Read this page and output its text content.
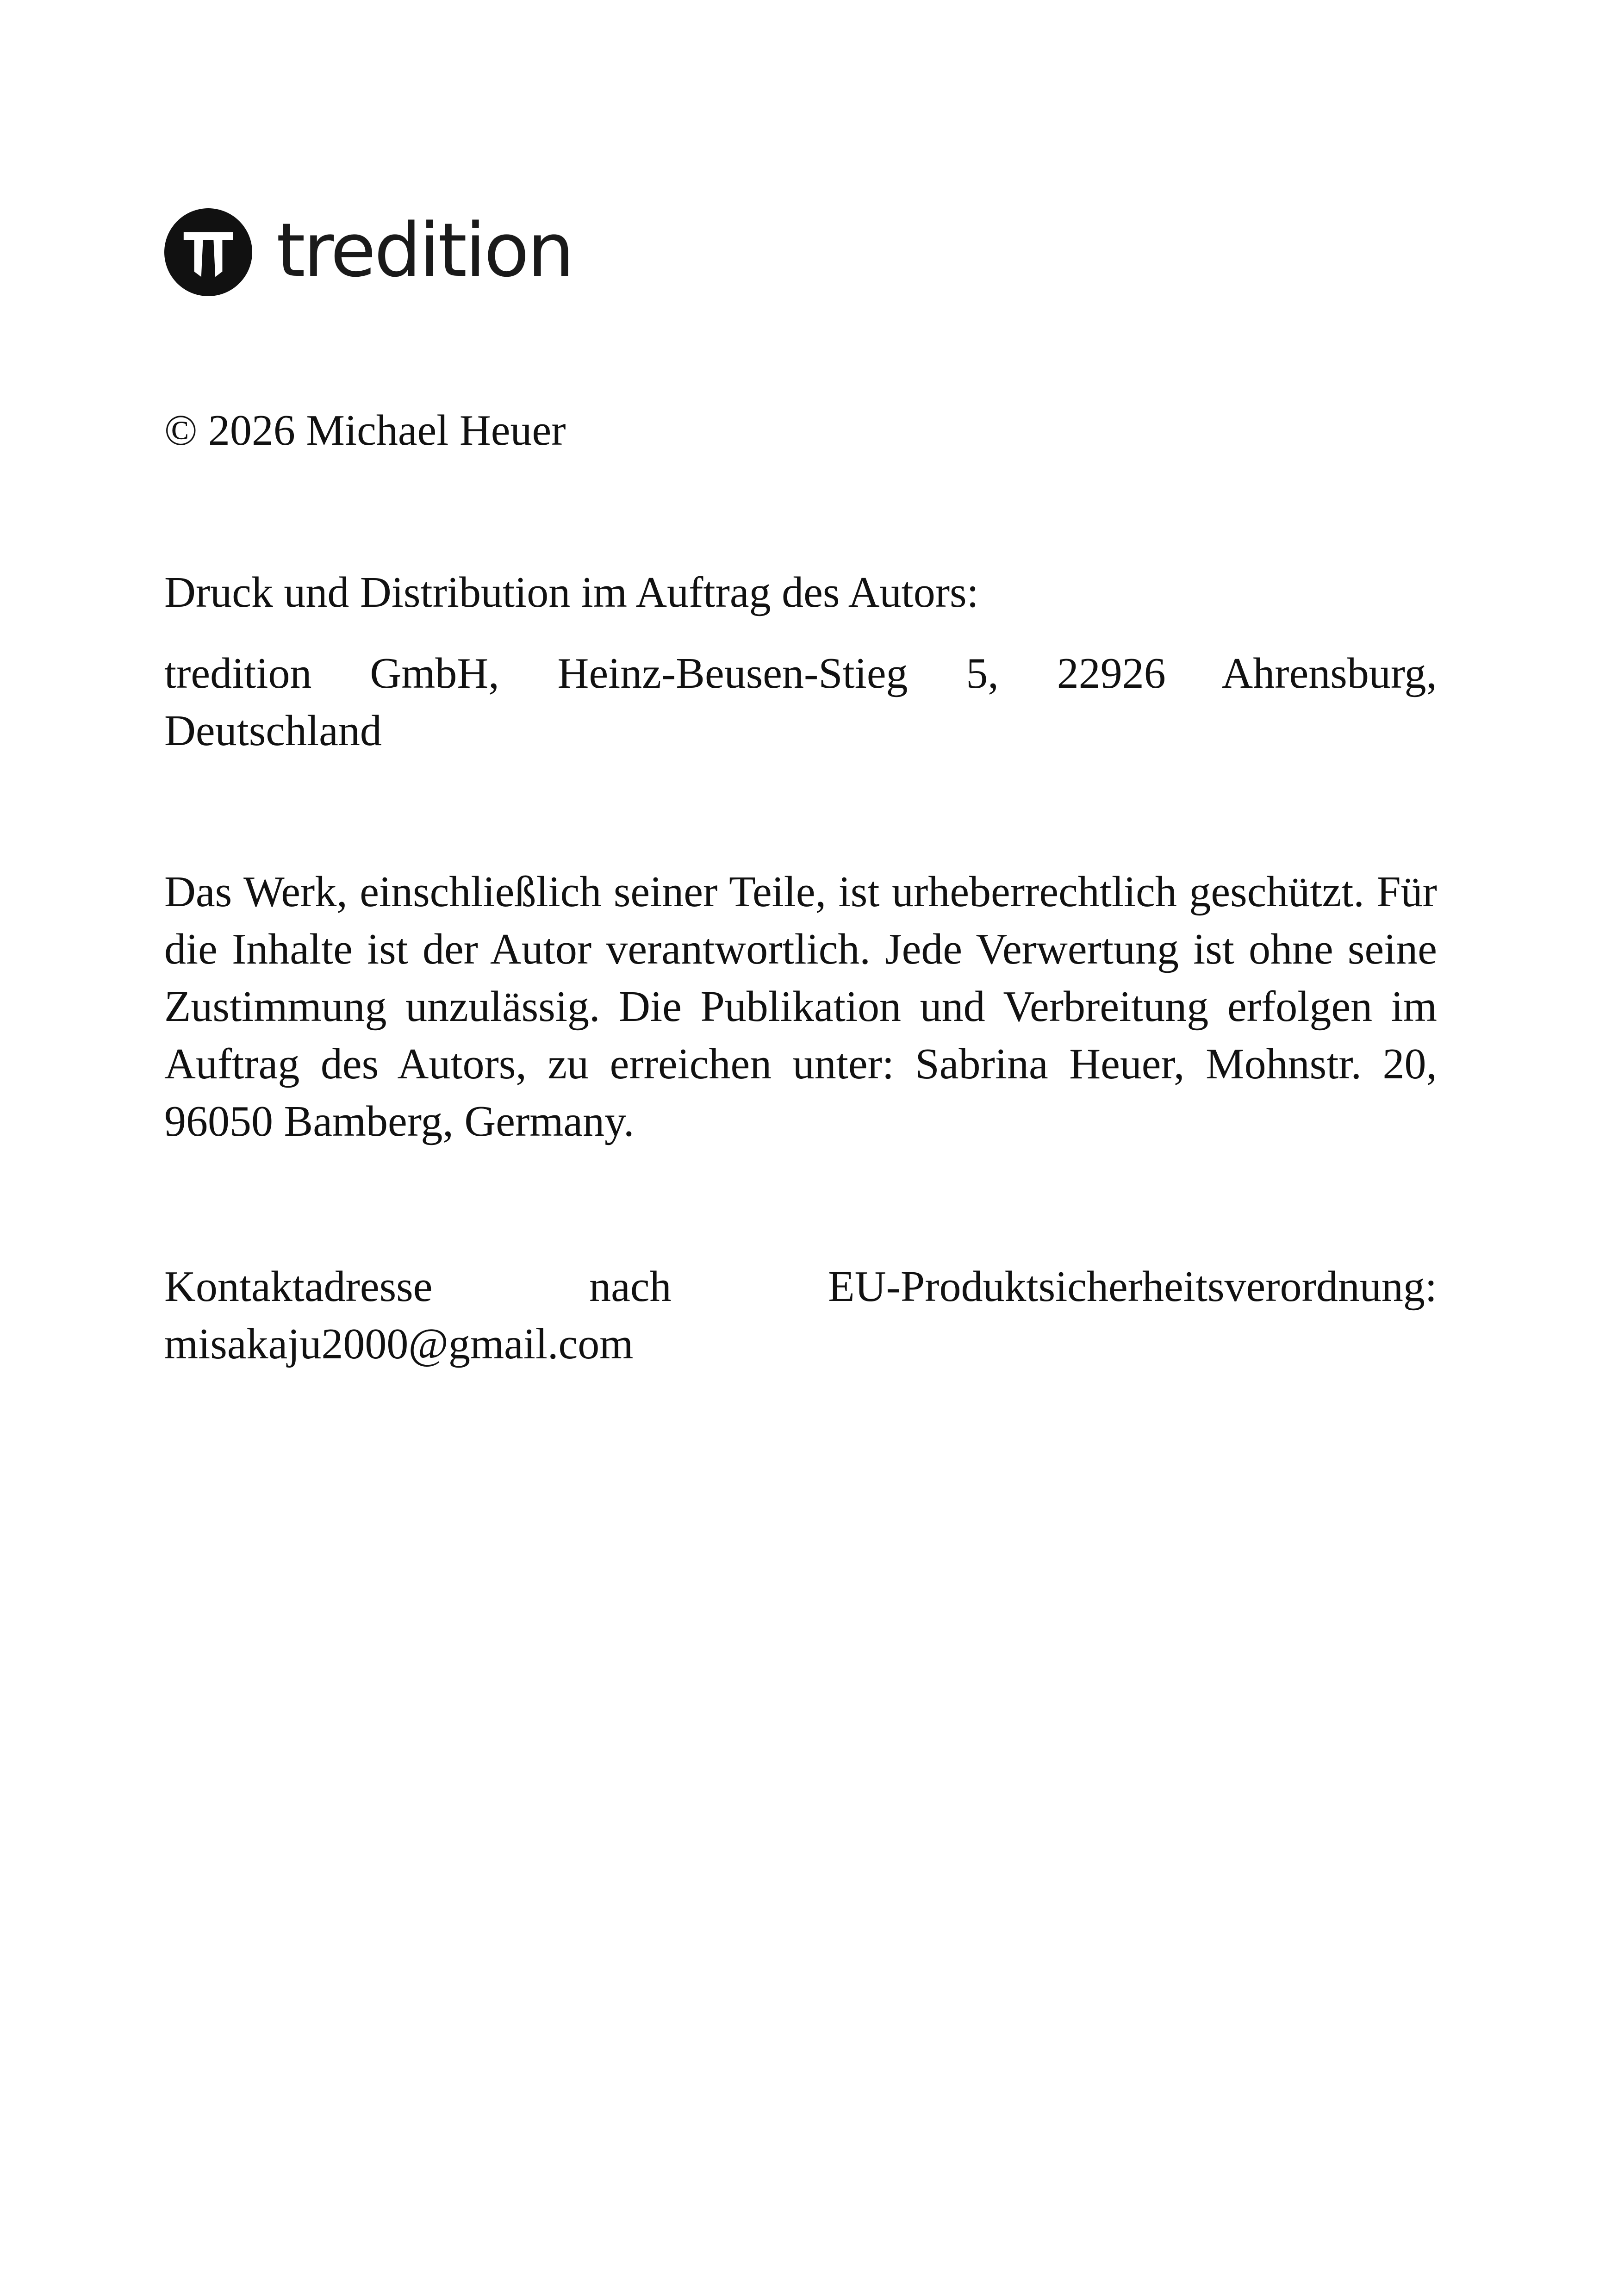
tredition

© 2026 Michael Heuer

Druck und Distribution im Auftrag des Autors:

tredition GmbH, Heinz-Beusen-Stieg 5, 22926 Ahrensburg,
Deutschland

Das Werk, einschließlich seiner Teile, ist urheberrechtlich geschützt. Für die Inhalte ist der Autor verantwortlich. Jede Verwertung ist ohne seine Zustimmung unzulässig. Die Publikation und Verbreitung erfolgen im Auftrag des Autors, zu erreichen unter: Sabrina Heuer, Mohnstr. 20, 96050 Bamberg, Germany.

Kontaktadresse nach EU-Produktsicherheitsverordnung:

misakaju2000@gmail.com
